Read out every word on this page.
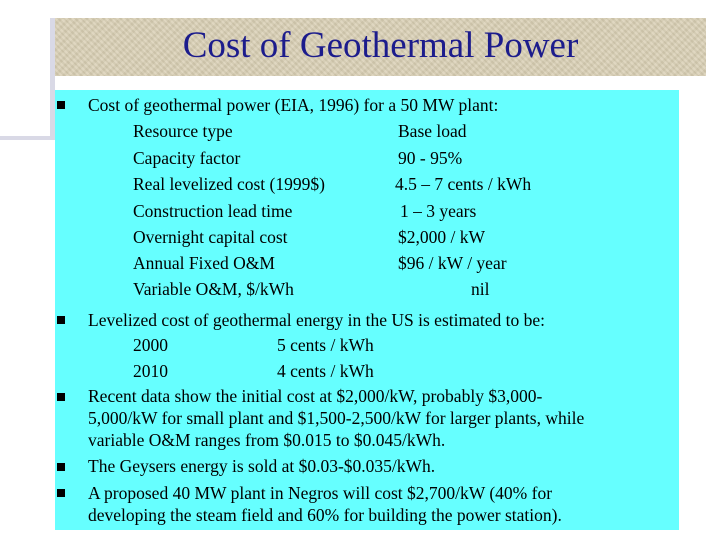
Cost of Geothermal Power
Cost of geothermal power (EIA, 1996) for a 50 MW plant:
Resource type	Base load
Capacity factor	90 - 95%
Real levelized cost (1999$)	4.5 – 7 cents / kWh
Construction lead time	1 – 3 years
Overnight capital cost	$2,000 / kW
Annual Fixed O&M	$96 / kW / year
Variable O&M, $/kWh	nil
Levelized cost of geothermal energy in the US is estimated to be:
2000	5 cents / kWh
2010	4 cents / kWh
Recent data show the initial cost at $2,000/kW, probably $3,000-
5,000/kW for small plant and $1,500-2,500/kW for larger plants, while
variable O&M ranges from $0.015 to $0.045/kWh.
The Geysers energy is sold at $0.03-$0.035/kWh.
A proposed 40 MW plant in Negros will cost $2,700/kW (40% for
developing the steam field and 60% for building the power station).
